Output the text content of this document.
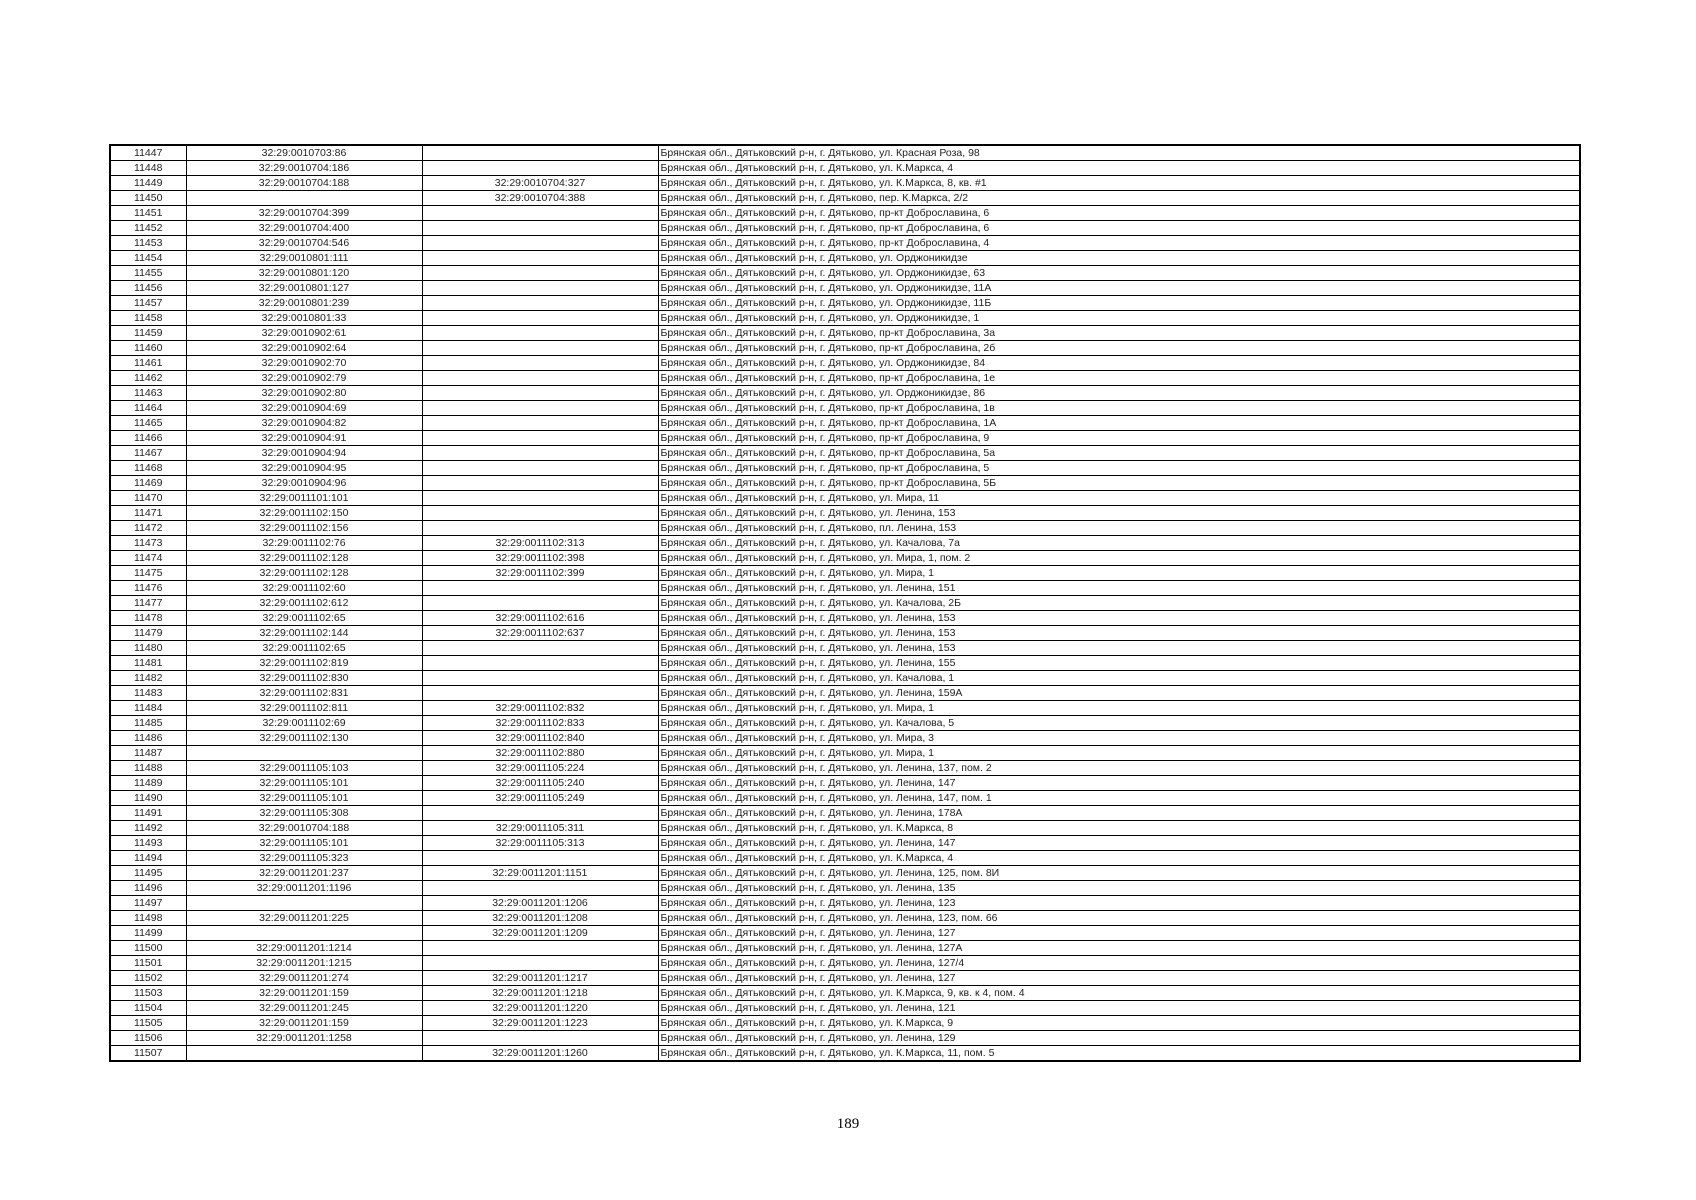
11447	32:29:0010703:86		Брянская обл., Дятьковский р-н, г. Дятьково, ул. Красная Роза, 98
11448	32:29:0010704:186		Брянская обл., Дятьковский р-н, г. Дятьково, ул. К.Маркса, 4
11449	32:29:0010704:188	32:29:0010704:327	Брянская обл., Дятьковский р-н, г. Дятьково, ул. К.Маркса, 8, кв. #1
11450		32:29:0010704:388	Брянская обл., Дятьковский р-н, г. Дятьково, пер. К.Маркса, 2/2
11451	32:29:0010704:399		Брянская обл., Дятьковский р-н, г. Дятьково, пр-кт Доброславина, 6
11452	32:29:0010704:400		Брянская обл., Дятьковский р-н, г. Дятьково, пр-кт Доброславина, 6
11453	32:29:0010704:546		Брянская обл., Дятьковский р-н, г. Дятьково, пр-кт Доброславина, 4
11454	32:29:0010801:111		Брянская обл., Дятьковский р-н, г. Дятьково, ул. Орджоникидзе
11455	32:29:0010801:120		Брянская обл., Дятьковский р-н, г. Дятьково, ул. Орджоникидзе, 63
11456	32:29:0010801:127		Брянская обл., Дятьковский р-н, г. Дятьково, ул. Орджоникидзе, 11А
11457	32:29:0010801:239		Брянская обл., Дятьковский р-н, г. Дятьково, ул. Орджоникидзе, 11Б
11458	32:29:0010801:33		Брянская обл., Дятьковский р-н, г. Дятьково, ул. Орджоникидзе, 1
11459	32:29:0010902:61		Брянская обл., Дятьковский р-н, г. Дятьково, пр-кт Доброславина, 3а
11460	32:29:0010902:64		Брянская обл., Дятьковский р-н, г. Дятьково, пр-кт Доброславина, 2б
11461	32:29:0010902:70		Брянская обл., Дятьковский р-н, г. Дятьково, ул. Орджоникидзе, 84
11462	32:29:0010902:79		Брянская обл., Дятьковский р-н, г. Дятьково, пр-кт Доброславина, 1е
11463	32:29:0010902:80		Брянская обл., Дятьковский р-н, г. Дятьково, ул. Орджоникидзе, 86
11464	32:29:0010904:69		Брянская обл., Дятьковский р-н, г. Дятьково, пр-кт Доброславина, 1в
11465	32:29:0010904:82		Брянская обл., Дятьковский р-н, г. Дятьково, пр-кт Доброславина, 1А
11466	32:29:0010904:91		Брянская обл., Дятьковский р-н, г. Дятьково, пр-кт Доброславина, 9
11467	32:29:0010904:94		Брянская обл., Дятьковский р-н, г. Дятьково, пр-кт Доброславина, 5а
11468	32:29:0010904:95		Брянская обл., Дятьковский р-н, г. Дятьково, пр-кт Доброславина, 5
11469	32:29:0010904:96		Брянская обл., Дятьковский р-н, г. Дятьково, пр-кт Доброславина, 5Б
11470	32:29:0011101:101		Брянская обл., Дятьковский р-н, г. Дятьково, ул. Мира, 11
11471	32:29:0011102:150		Брянская обл., Дятьковский р-н, г. Дятьково, ул. Ленина, 153
11472	32:29:0011102:156		Брянская обл., Дятьковский р-н, г. Дятьково, пл. Ленина, 153
11473	32:29:0011102:76	32:29:0011102:313	Брянская обл., Дятьковский р-н, г. Дятьково, ул. Качалова, 7а
11474	32:29:0011102:128	32:29:0011102:398	Брянская обл., Дятьковский р-н, г. Дятьково, ул. Мира, 1, пом. 2
11475	32:29:0011102:128	32:29:0011102:399	Брянская обл., Дятьковский р-н, г. Дятьково, ул. Мира, 1
11476	32:29:0011102:60		Брянская обл., Дятьковский р-н, г. Дятьково, ул. Ленина, 151
11477	32:29:0011102:612		Брянская обл., Дятьковский р-н, г. Дятьково, ул. Качалова, 2Б
11478	32:29:0011102:65	32:29:0011102:616	Брянская обл., Дятьковский р-н, г. Дятьково, ул. Ленина, 153
11479	32:29:0011102:144	32:29:0011102:637	Брянская обл., Дятьковский р-н, г. Дятьково, ул. Ленина, 153
11480	32:29:0011102:65		Брянская обл., Дятьковский р-н, г. Дятьково, ул. Ленина, 153
11481	32:29:0011102:819		Брянская обл., Дятьковский р-н, г. Дятьково, ул. Ленина, 155
11482	32:29:0011102:830		Брянская обл., Дятьковский р-н, г. Дятьково, ул. Качалова, 1
11483	32:29:0011102:831		Брянская обл., Дятьковский р-н, г. Дятьково, ул. Ленина, 159А
11484	32:29:0011102:811	32:29:0011102:832	Брянская обл., Дятьковский р-н, г. Дятьково, ул. Мира, 1
11485	32:29:0011102:69	32:29:0011102:833	Брянская обл., Дятьковский р-н, г. Дятьково, ул. Качалова, 5
11486	32:29:0011102:130	32:29:0011102:840	Брянская обл., Дятьковский р-н, г. Дятьково, ул. Мира, 3
11487		32:29:0011102:880	Брянская обл., Дятьковский р-н, г. Дятьково, ул. Мира, 1
11488	32:29:0011105:103	32:29:0011105:224	Брянская обл., Дятьковский р-н, г. Дятьково, ул. Ленина, 137, пом. 2
11489	32:29:0011105:101	32:29:0011105:240	Брянская обл., Дятьковский р-н, г. Дятьково, ул. Ленина, 147
11490	32:29:0011105:101	32:29:0011105:249	Брянская обл., Дятьковский р-н, г. Дятьково, ул. Ленина, 147, пом. 1
11491	32:29:0011105:308		Брянская обл., Дятьковский р-н, г. Дятьково, ул. Ленина, 178А
11492	32:29:0010704:188	32:29:0011105:311	Брянская обл., Дятьковский р-н, г. Дятьково, ул. К.Маркса, 8
11493	32:29:0011105:101	32:29:0011105:313	Брянская обл., Дятьковский р-н, г. Дятьково, ул. Ленина, 147
11494	32:29:0011105:323		Брянская обл., Дятьковский р-н, г. Дятьково, ул. К.Маркса, 4
11495	32:29:0011201:237	32:29:0011201:1151	Брянская обл., Дятьковский р-н, г. Дятьково, ул. Ленина, 125, пом. 8И
11496	32:29:0011201:1196		Брянская обл., Дятьковский р-н, г. Дятьково, ул. Ленина, 135
11497		32:29:0011201:1206	Брянская обл., Дятьковский р-н, г. Дятьково, ул. Ленина, 123
11498	32:29:0011201:225	32:29:0011201:1208	Брянская обл., Дятьковский р-н, г. Дятьково, ул. Ленина, 123, пом. 66
11499		32:29:0011201:1209	Брянская обл., Дятьковский р-н, г. Дятьково, ул. Ленина, 127
11500	32:29:0011201:1214		Брянская обл., Дятьковский р-н, г. Дятьково, ул. Ленина, 127А
11501	32:29:0011201:1215		Брянская обл., Дятьковский р-н, г. Дятьково, ул. Ленина, 127/4
11502	32:29:0011201:274	32:29:0011201:1217	Брянская обл., Дятьковский р-н, г. Дятьково, ул. Ленина, 127
11503	32:29:0011201:159	32:29:0011201:1218	Брянская обл., Дятьковский р-н, г. Дятьково, ул. К.Маркса, 9, кв. к 4, пом. 4
11504	32:29:0011201:245	32:29:0011201:1220	Брянская обл., Дятьковский р-н, г. Дятьково, ул. Ленина, 121
11505	32:29:0011201:159	32:29:0011201:1223	Брянская обл., Дятьковский р-н, г. Дятьково, ул. К.Маркса, 9
11506	32:29:0011201:1258		Брянская обл., Дятьковский р-н, г. Дятьково, ул. Ленина, 129
11507		32:29:0011201:1260	Брянская обл., Дятьковский р-н, г. Дятьково, ул. К.Маркса, 11, пом. 5
189
